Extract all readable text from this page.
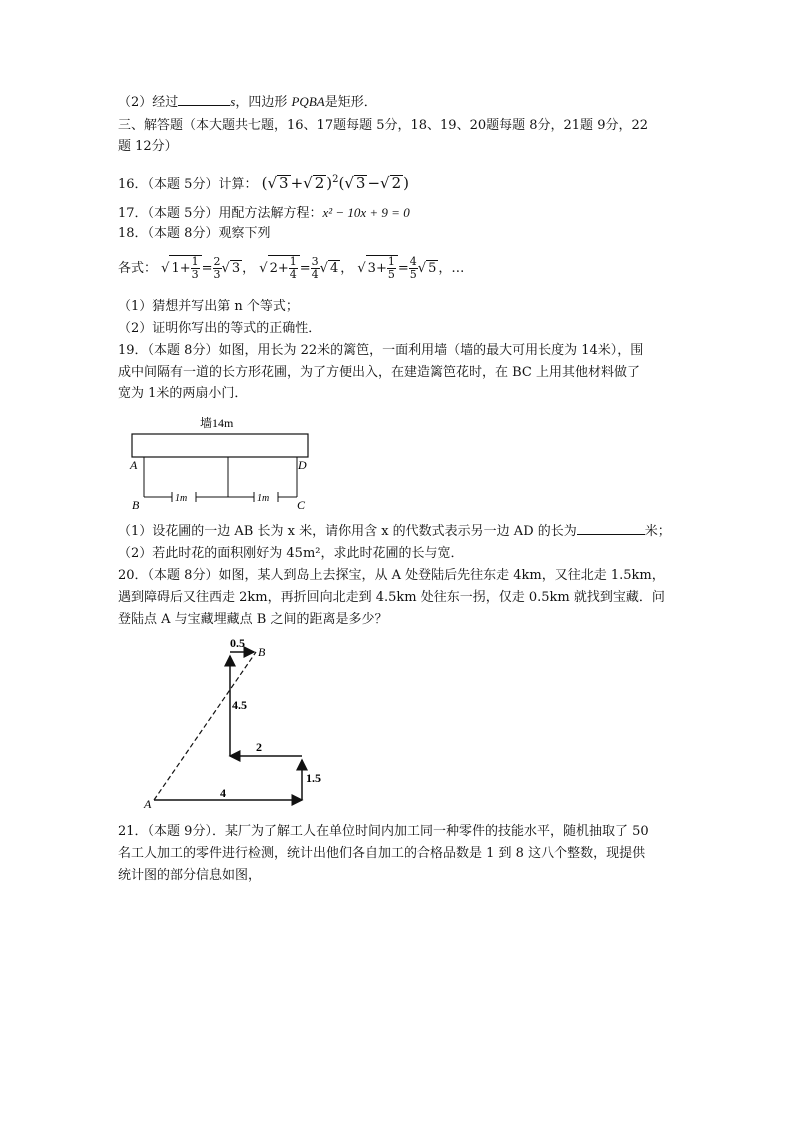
（2）经过	s，四边形 PQBA是矩形．
三、解答题（本大题共七题，16、17题每题 5分，18、19、20题每题 8分，21题 9分，22
题 12分）
16．（本题 5分）计算： (√ 3 +√ 2 )$^2$(√ 3 −√ 2 )
17．（本题 5分）用配方法解方程：x² − 10x + 9 = 0
18．（本题 8分）观察下列
各式： √ $1+ \frac{1}{3} = \frac{2}{3}$ √ 3 ， √ $2+ \frac{1}{4} = \frac{3}{4}$ √ 4 ， √ $3+ \frac{1}{5} = \frac{4}{5}$ √ 5 ，…
（1）猜想并写出第 n 个等式；
（2）证明你写出的等式的正确性．
19．（本题 8分）如图，用长为 22米的篱笆，一面利用墙（墙的最大可用长度为 14米），围
成中间隔有一道的长方形花圃，为了方便出入，在建造篱笆花时，在 BC 上用其他材料做了
宽为 1米的两扇小门．
墙14m
1m	1m
A
B	C
D
（1）设花圃的一边 AB 长为 x 米，请你用含 x 的代数式表示另一边 AD 的长为	米；
（2）若此时花的面积刚好为 45m²，求此时花圃的长与宽．
20．（本题 8分）如图，某人到岛上去探宝，从 A 处登陆后先往东走 4km，又往北走 1.5km，
遇到障碍后又往西走 2km，再折回向北走到 4.5km 处往东一拐，仅走 0.5km 就找到宝藏．问
登陆点 A 与宝藏埋藏点 B 之间的距离是多少？
21．（本题 9分）．某厂为了解工人在单位时间内加工同一种零件的技能水平，随机抽取了 50
名工人加工的零件进行检测，统计出他们各自加工的合格品数是 1 到 8 这八个整数，现提供
统计图的部分信息如图，
A
B
4
1.5
2
4.5
0.5
